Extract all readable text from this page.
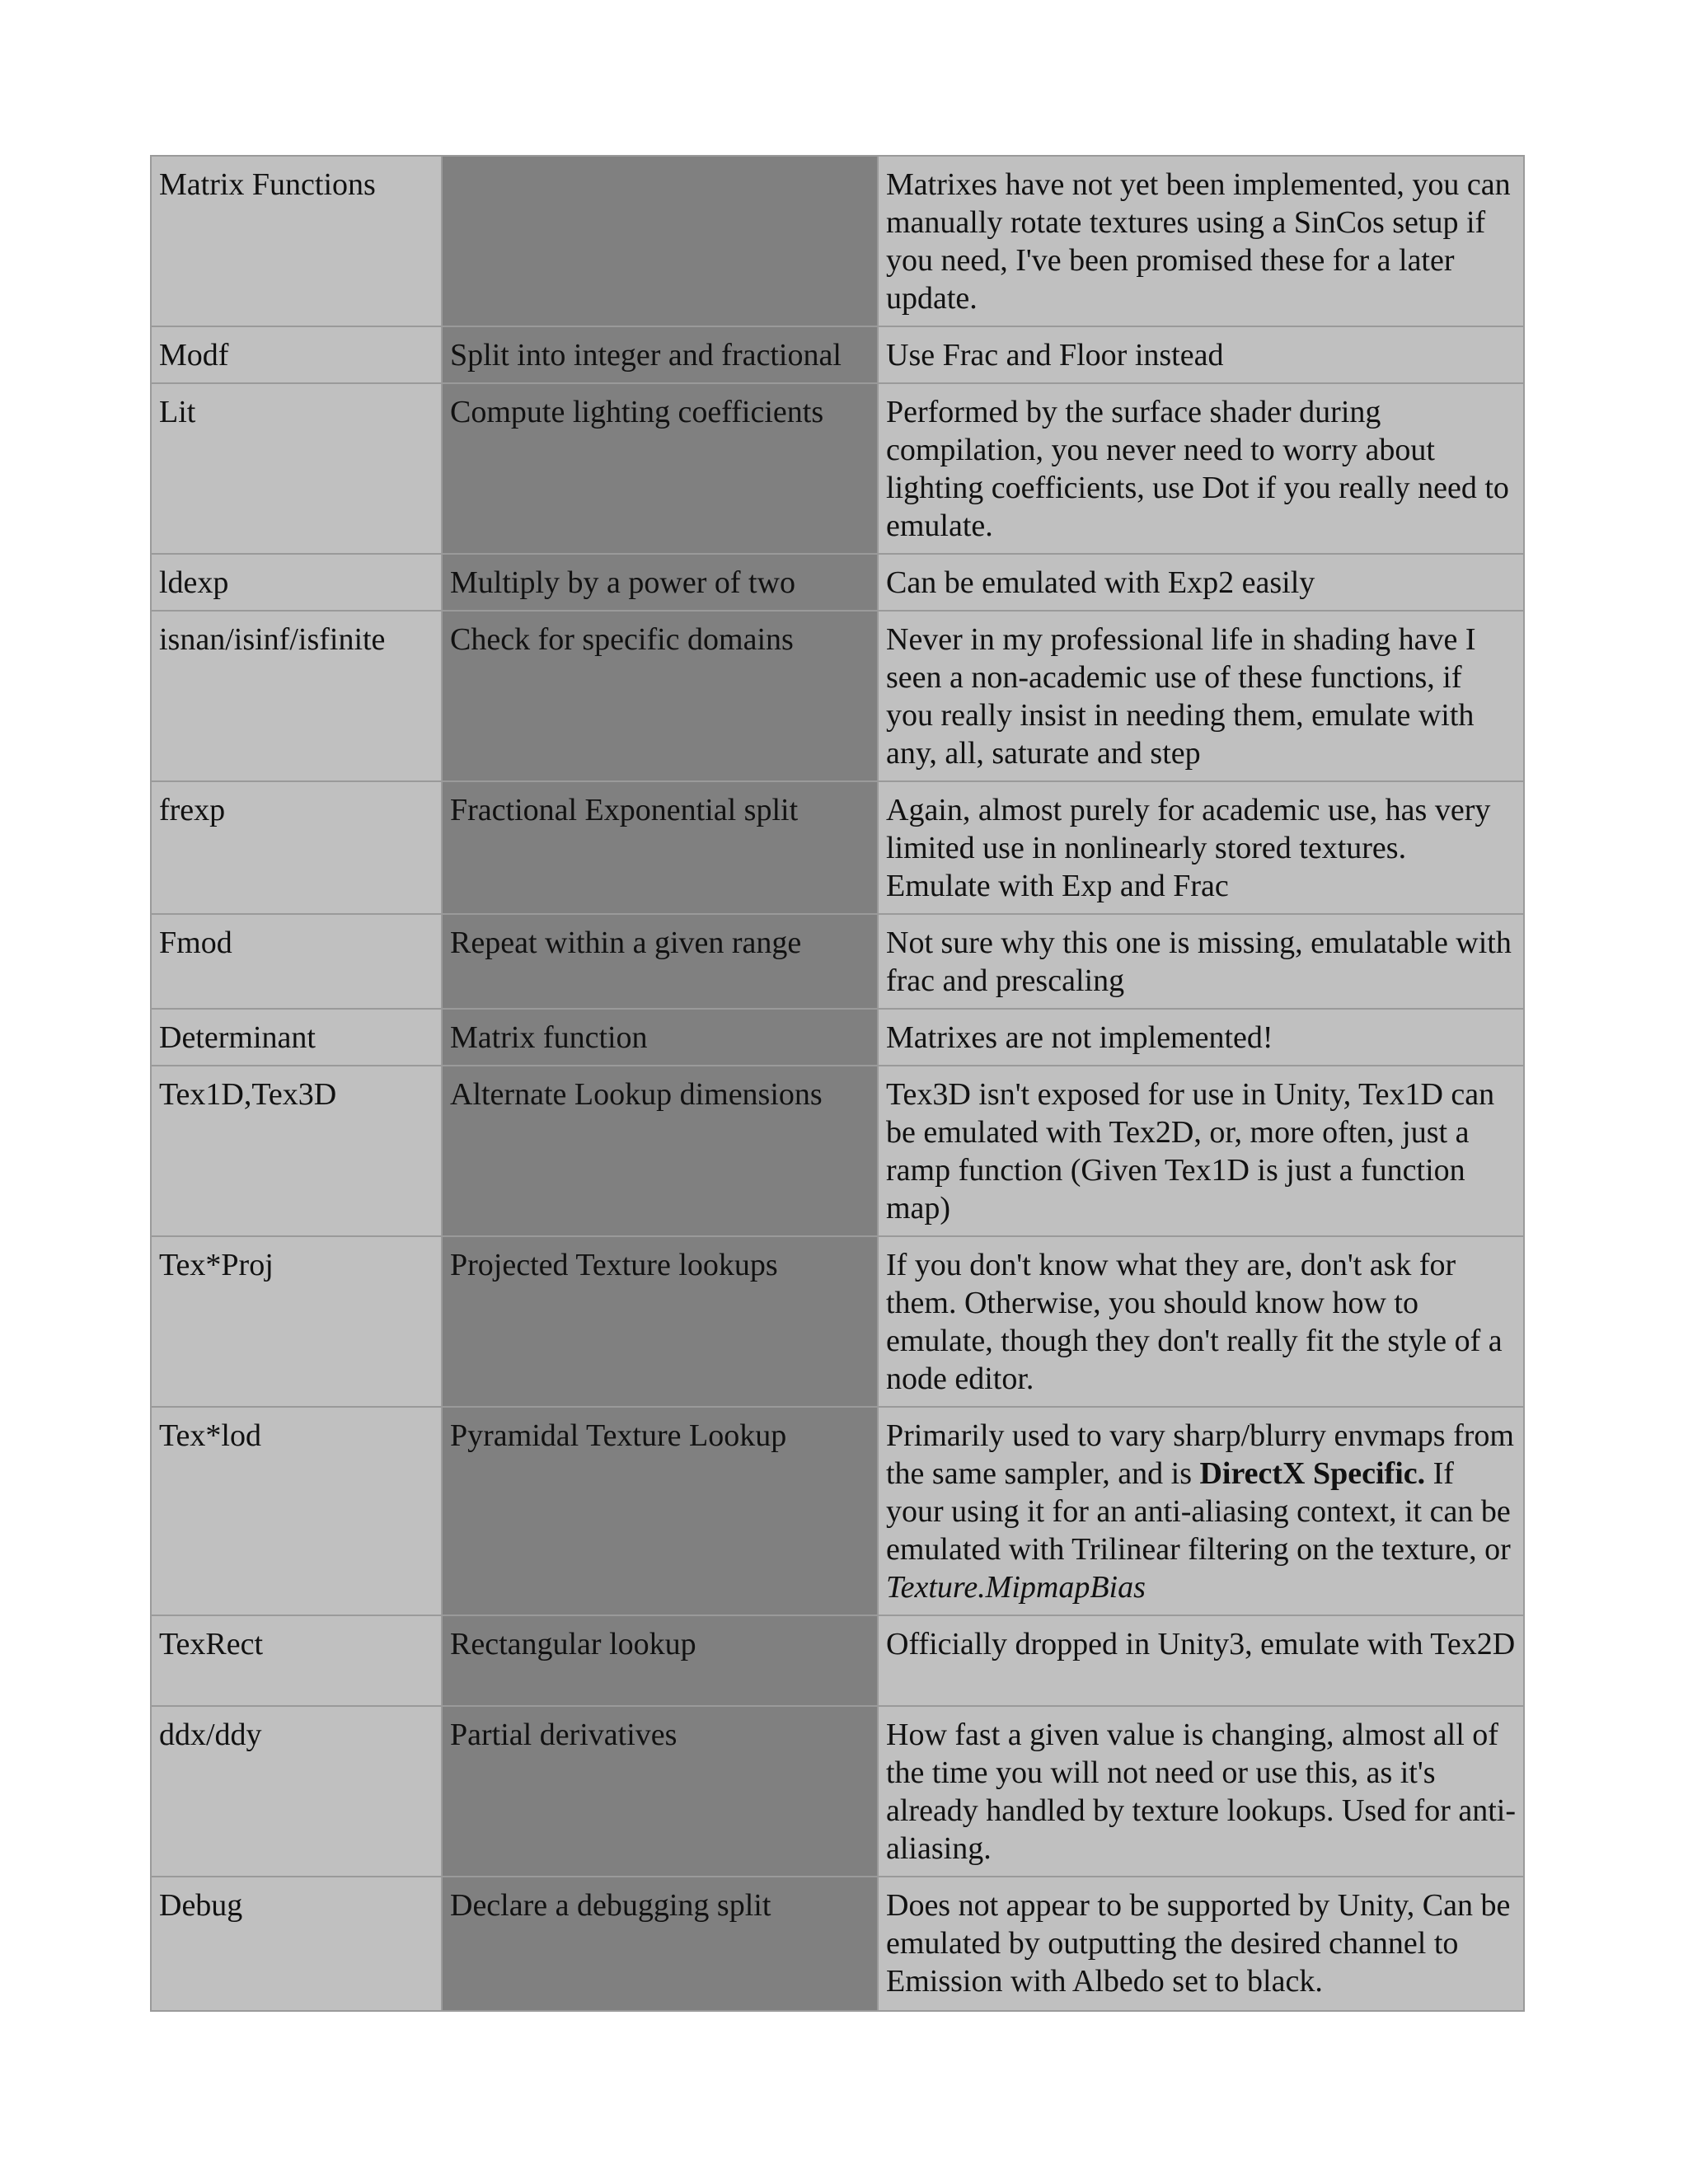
Matrix Functions		Matrixes have not yet been implemented, you can manually rotate textures using a SinCos setup if you need, I've been promised these for a later update.
Modf	Split into integer and fractional	Use Frac and Floor instead
Lit	Compute lighting coefficients	Performed by the surface shader during compilation, you never need to worry about lighting coefficients, use Dot if you really need to emulate.
ldexp	Multiply by a power of two	Can be emulated with Exp2 easily
isnan/isinf/isfinite	Check for specific domains	Never in my professional life in shading have I seen a non-academic use of these functions, if you really insist in needing them, emulate with any, all, saturate and step
frexp	Fractional Exponential split	Again, almost purely for academic use, has very limited use in nonlinearly stored textures. Emulate with Exp and Frac
Fmod	Repeat within a given range	Not sure why this one is missing, emulatable with frac and prescaling
Determinant	Matrix function	Matrixes are not implemented!
Tex1D,Tex3D	Alternate Lookup dimensions	Tex3D isn't exposed for use in Unity, Tex1D can be emulated with Tex2D, or, more often, just a ramp function (Given Tex1D is just a function map)
Tex*Proj	Projected Texture lookups	If you don't know what they are, don't ask for them. Otherwise, you should know how to emulate, though they don't really fit the style of a node editor.
Tex*lod	Pyramidal Texture Lookup	Primarily used to vary sharp/blurry envmaps from the same sampler, and is DirectX Specific. If your using it for an anti-aliasing context, it can be emulated with Trilinear filtering on the texture, or Texture.MipmapBias
TexRect	Rectangular lookup	Officially dropped in Unity3, emulate with Tex2D
ddx/ddy	Partial derivatives	How fast a given value is changing, almost all of the time you will not need or use this, as it's already handled by texture lookups. Used for anti-aliasing.
Debug	Declare a debugging split	Does not appear to be supported by Unity, Can be emulated by outputting the desired channel to Emission with Albedo set to black.
